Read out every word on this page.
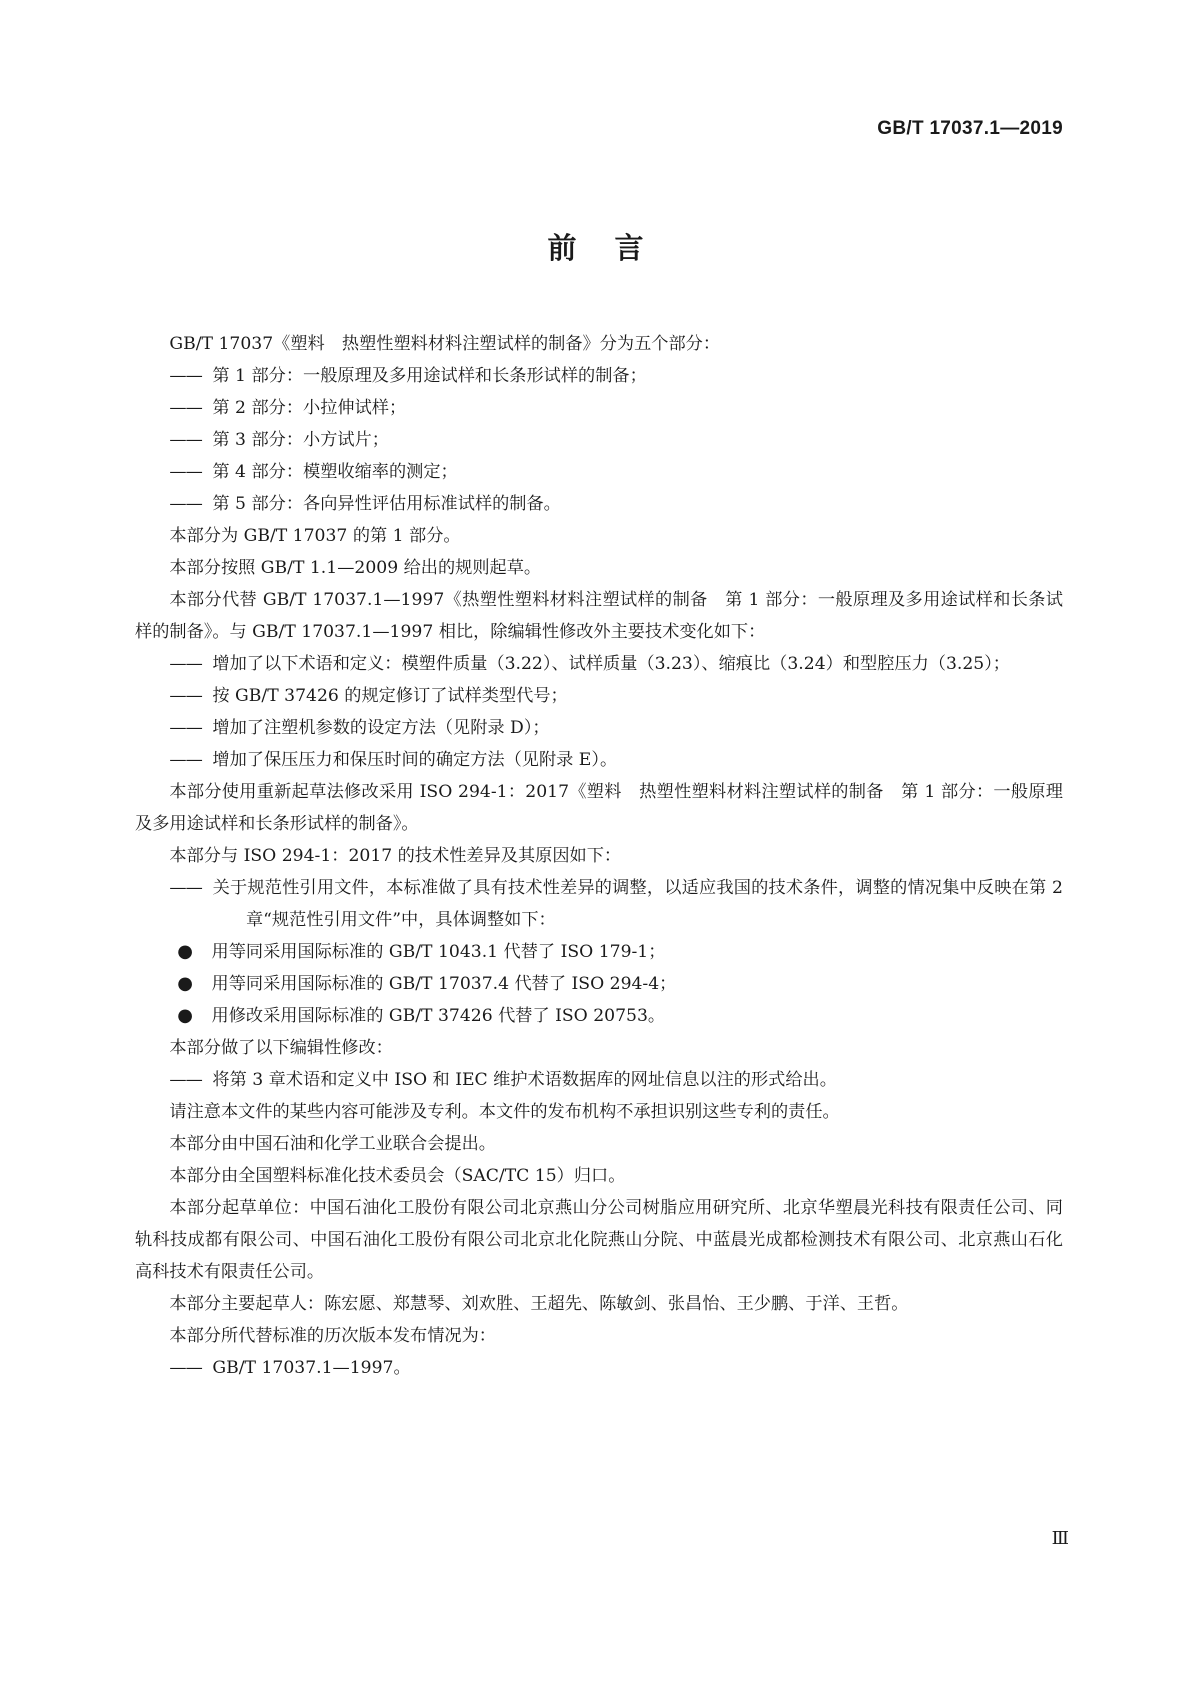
GB/T 17037.1—2019
前言

GB/T 17037《塑料　热塑性塑料材料注塑试样的制备》分为五个部分：

—— 第 1 部分：一般原理及多用途试样和长条形试样的制备；

—— 第 2 部分：小拉伸试样；

—— 第 3 部分：小方试片；

—— 第 4 部分：模塑收缩率的测定；

—— 第 5 部分：各向异性评估用标准试样的制备。

本部分为 GB/T 17037 的第 1 部分。

本部分按照 GB/T 1.1—2009 给出的规则起草。

本部分代替 GB/T 17037.1—1997《热塑性塑料材料注塑试样的制备　第 1 部分：一般原理及多用途试样和长条试样的制备》。与 GB/T 17037.1—1997 相比，除编辑性修改外主要技术变化如下：

—— 增加了以下术语和定义：模塑件质量（3.22）、试样质量（3.23）、缩痕比（3.24）和型腔压力（3.25）；

—— 按 GB/T 37426 的规定修订了试样类型代号；

—— 增加了注塑机参数的设定方法（见附录 D）；

—— 增加了保压压力和保压时间的确定方法（见附录 E）。

本部分使用重新起草法修改采用 ISO 294-1：2017《塑料　热塑性塑料材料注塑试样的制备　第 1 部分：一般原理及多用途试样和长条形试样的制备》。

本部分与 ISO 294-1：2017 的技术性差异及其原因如下：

—— 关于规范性引用文件，本标准做了具有技术性差异的调整，以适应我国的技术条件，调整的情况集中反映在第 2 章“规范性引用文件”中，具体调整如下：

● 用等同采用国际标准的 GB/T 1043.1 代替了 ISO 179-1；

● 用等同采用国际标准的 GB/T 17037.4 代替了 ISO 294-4；

● 用修改采用国际标准的 GB/T 37426 代替了 ISO 20753。

本部分做了以下编辑性修改：

—— 将第 3 章术语和定义中 ISO 和 IEC 维护术语数据库的网址信息以注的形式给出。

请注意本文件的某些内容可能涉及专利。本文件的发布机构不承担识别这些专利的责任。

本部分由中国石油和化学工业联合会提出。

本部分由全国塑料标准化技术委员会（SAC/TC 15）归口。

本部分起草单位：中国石油化工股份有限公司北京燕山分公司树脂应用研究所、北京华塑晨光科技有限责任公司、同轨科技成都有限公司、中国石油化工股份有限公司北京北化院燕山分院、中蓝晨光成都检测技术有限公司、北京燕山石化高科技术有限责任公司。

本部分主要起草人：陈宏愿、郑慧琴、刘欢胜、王超先、陈敏剑、张昌怡、王少鹏、于洋、王哲。

本部分所代替标准的历次版本发布情况为：

—— GB/T 17037.1—1997。

Ⅲ
